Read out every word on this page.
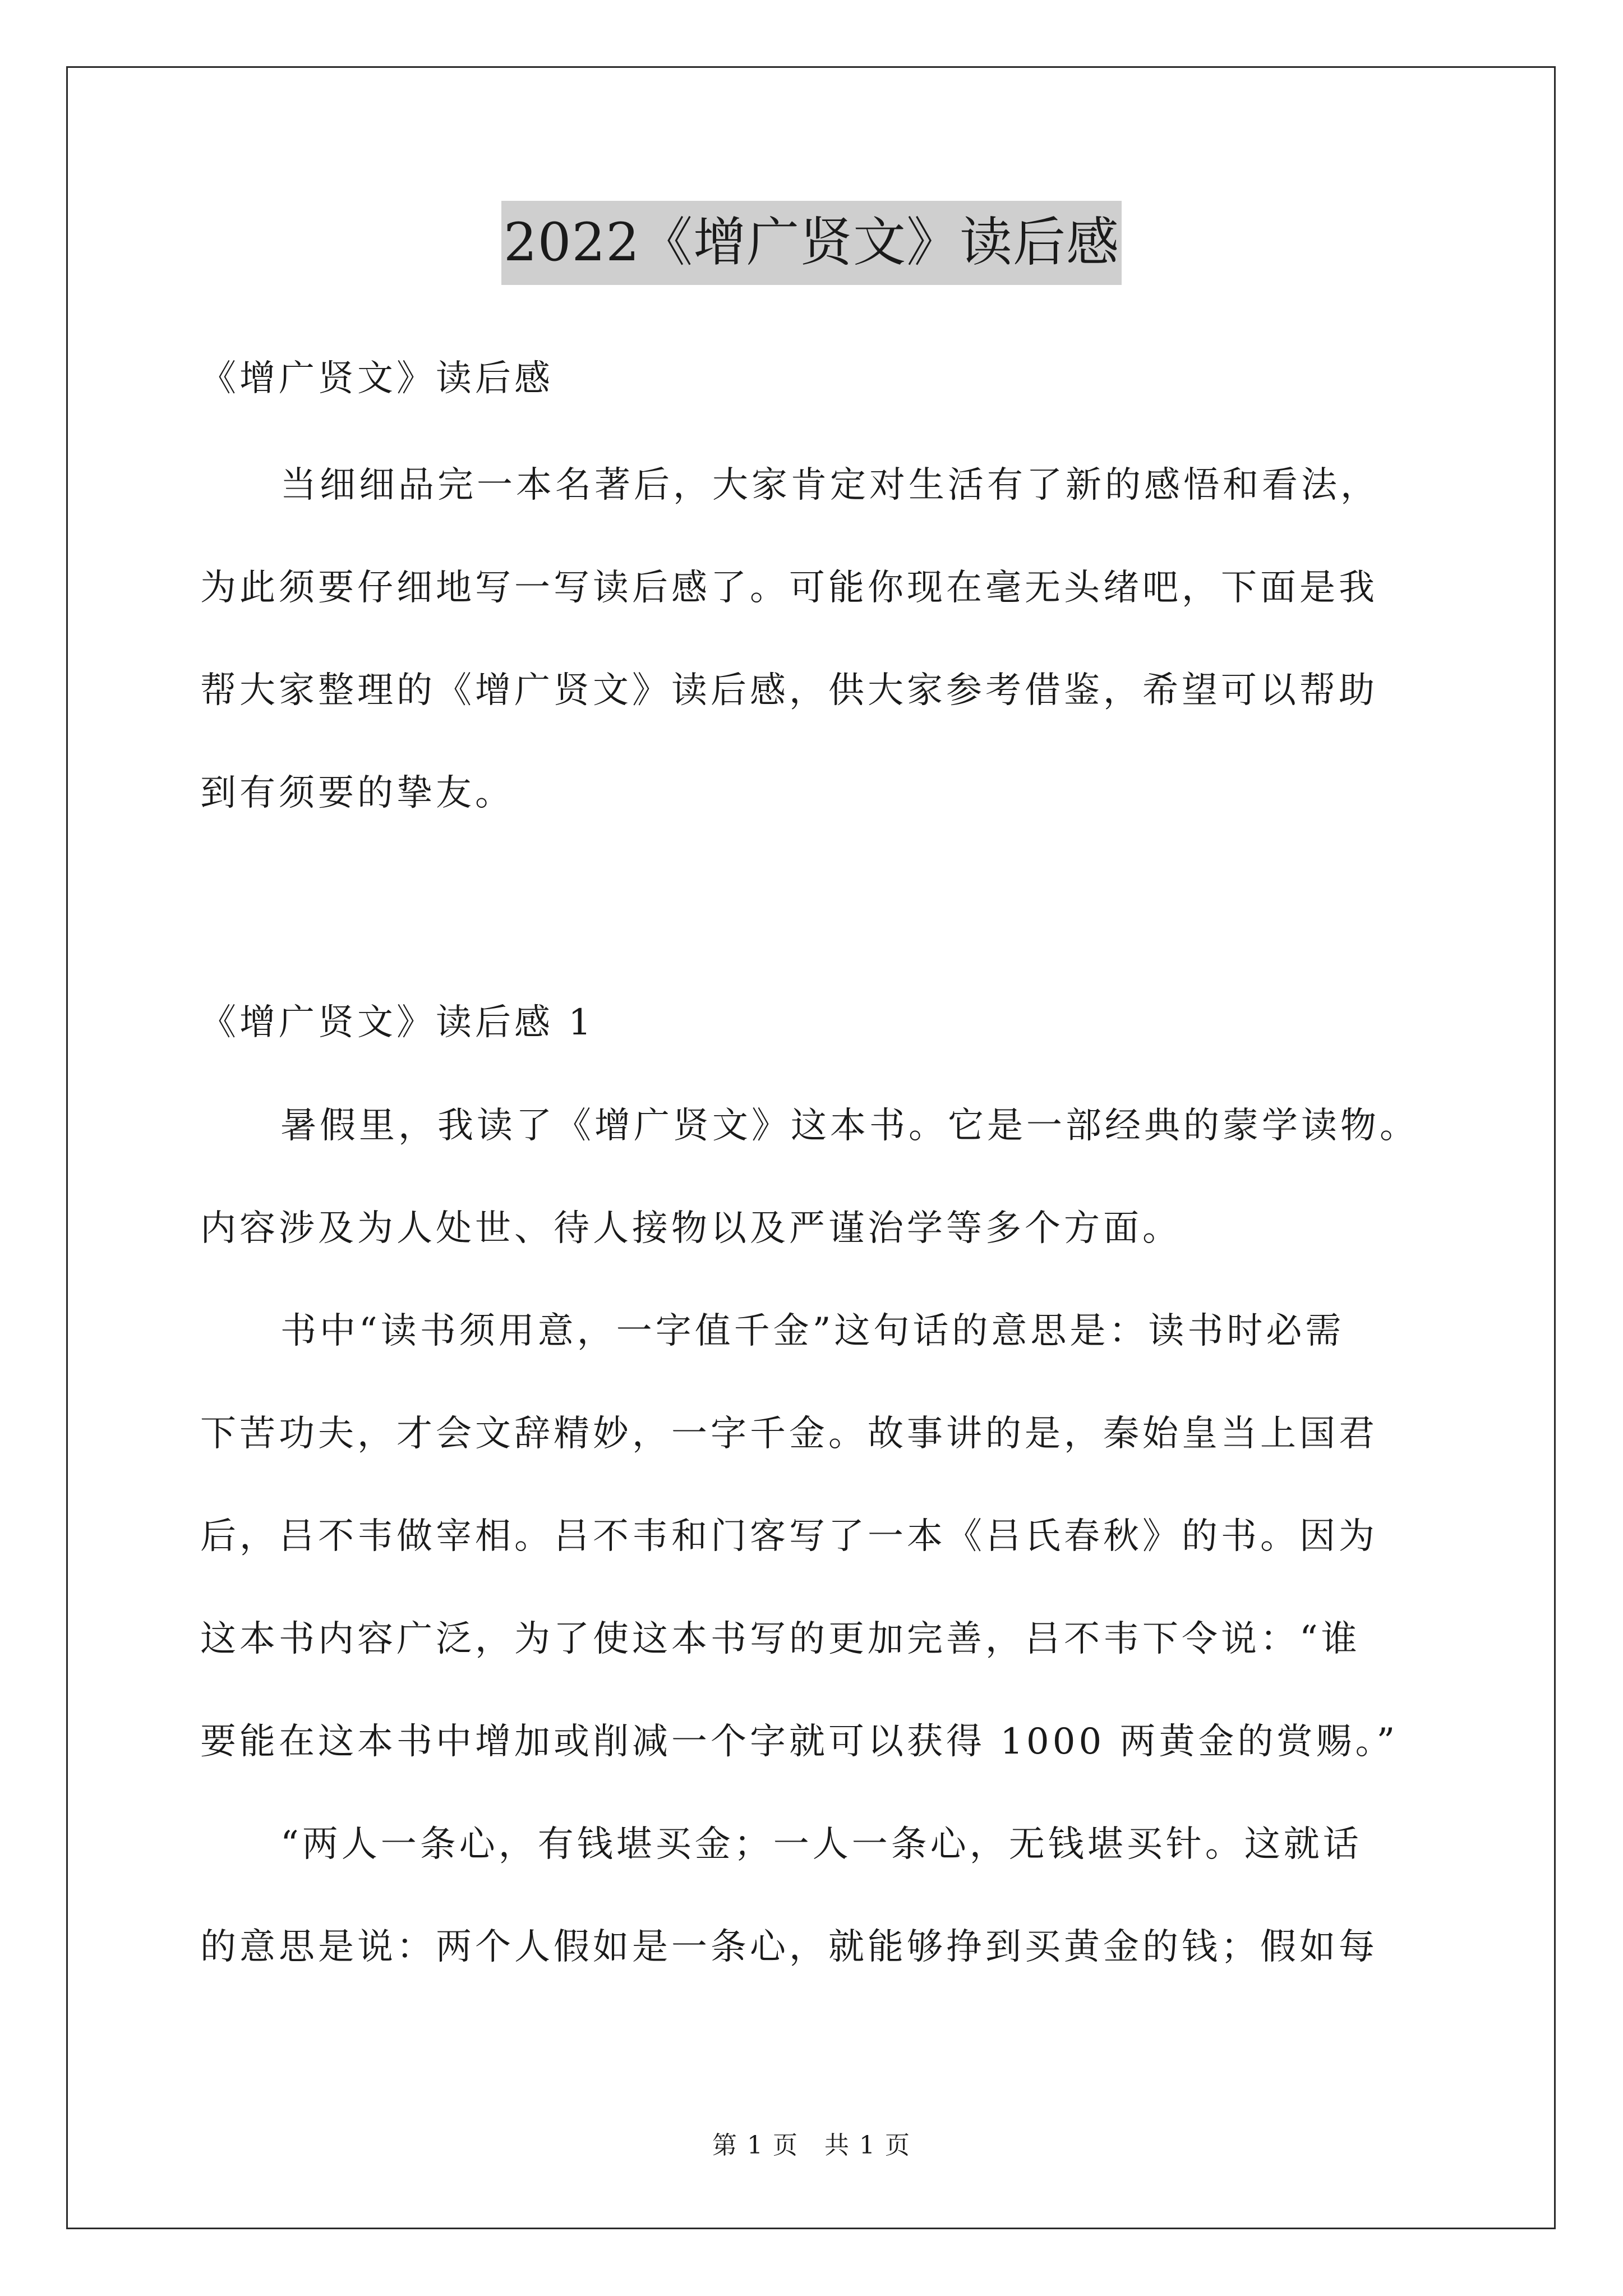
2022《增广贤文》读后感
《增广贤文》读后感
当细细品完一本名著后，大家肯定对生活有了新的感悟和看法，
为此须要仔细地写一写读后感了。可能你现在毫无头绪吧，下面是我
帮大家整理的《增广贤文》读后感，供大家参考借鉴，希望可以帮助
到有须要的挚友。
《增广贤文》读后感 1
暑假里，我读了《增广贤文》这本书。它是一部经典的蒙学读物。
内容涉及为人处世、待人接物以及严谨治学等多个方面。
书中“读书须用意，一字值千金”这句话的意思是：读书时必需
下苦功夫，才会文辞精妙，一字千金。故事讲的是，秦始皇当上国君
后，吕不韦做宰相。吕不韦和门客写了一本《吕氏春秋》的书。因为
这本书内容广泛，为了使这本书写的更加完善，吕不韦下令说：“谁
要能在这本书中增加或削减一个字就可以获得 1000 两黄金的赏赐。”
“两人一条心，有钱堪买金；一人一条心，无钱堪买针。这就话
的意思是说：两个人假如是一条心，就能够挣到买黄金的钱；假如每
第 1 页　共 1 页
